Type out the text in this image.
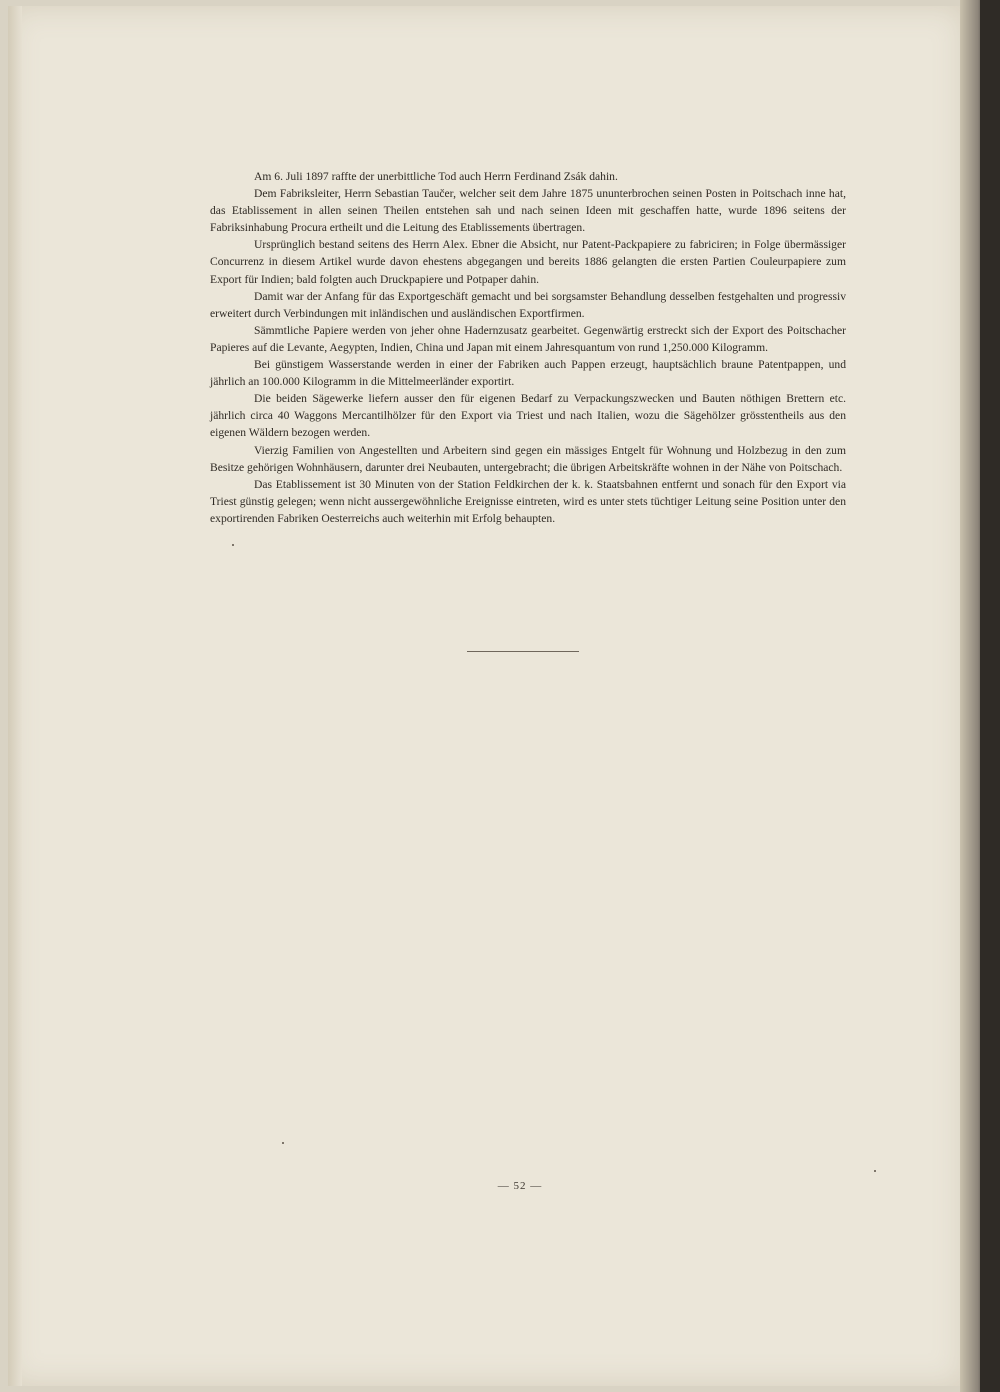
Am 6. Juli 1897 raffte der unerbittliche Tod auch Herrn Ferdinand Zsák dahin.

Dem Fabriksleiter, Herrn Sebastian Taučer, welcher seit dem Jahre 1875 ununterbrochen seinen Posten in Poitschach inne hat, das Etablissement in allen seinen Theilen entstehen sah und nach seinen Ideen mit geschaffen hatte, wurde 1896 seitens der Fabriksinhabung Procura ertheilt und die Leitung des Etablissements übertragen.

Ursprünglich bestand seitens des Herrn Alex. Ebner die Absicht, nur Patent-Packpapiere zu fabriciren; in Folge übermässiger Concurrenz in diesem Artikel wurde davon ehestens abgegangen und bereits 1886 gelangten die ersten Partien Couleurpapiere zum Export für Indien; bald folgten auch Druckpapiere und Potpaper dahin.

Damit war der Anfang für das Exportgeschäft gemacht und bei sorgsamster Behandlung desselben festgehalten und progressiv erweitert durch Verbindungen mit inländischen und ausländischen Exportfirmen.

Sämmtliche Papiere werden von jeher ohne Hadernzusatz gearbeitet. Gegenwärtig erstreckt sich der Export des Poitschacher Papieres auf die Levante, Aegypten, Indien, China und Japan mit einem Jahresquantum von rund 1,250.000 Kilogramm.

Bei günstigem Wasserstande werden in einer der Fabriken auch Pappen erzeugt, hauptsächlich braune Patentpappen, und jährlich an 100.000 Kilogramm in die Mittelmeerländer exportirt.

Die beiden Sägewerke liefern ausser den für eigenen Bedarf zu Verpackungszwecken und Bauten nöthigen Brettern etc. jährlich circa 40 Waggons Mercantilhölzer für den Export via Triest und nach Italien, wozu die Sägehölzer grösstentheils aus den eigenen Wäldern bezogen werden.

Vierzig Familien von Angestellten und Arbeitern sind gegen ein mässiges Entgelt für Wohnung und Holzbezug in den zum Besitze gehörigen Wohnhäusern, darunter drei Neubauten, untergebracht; die übrigen Arbeitskräfte wohnen in der Nähe von Poitschach.

Das Etablissement ist 30 Minuten von der Station Feldkirchen der k. k. Staatsbahnen entfernt und sonach für den Export via Triest günstig gelegen; wenn nicht aussergewöhnliche Ereignisse eintreten, wird es unter stets tüchtiger Leitung seine Position unter den exportirenden Fabriken Oesterreichs auch weiterhin mit Erfolg behaupten.

— 52 —
